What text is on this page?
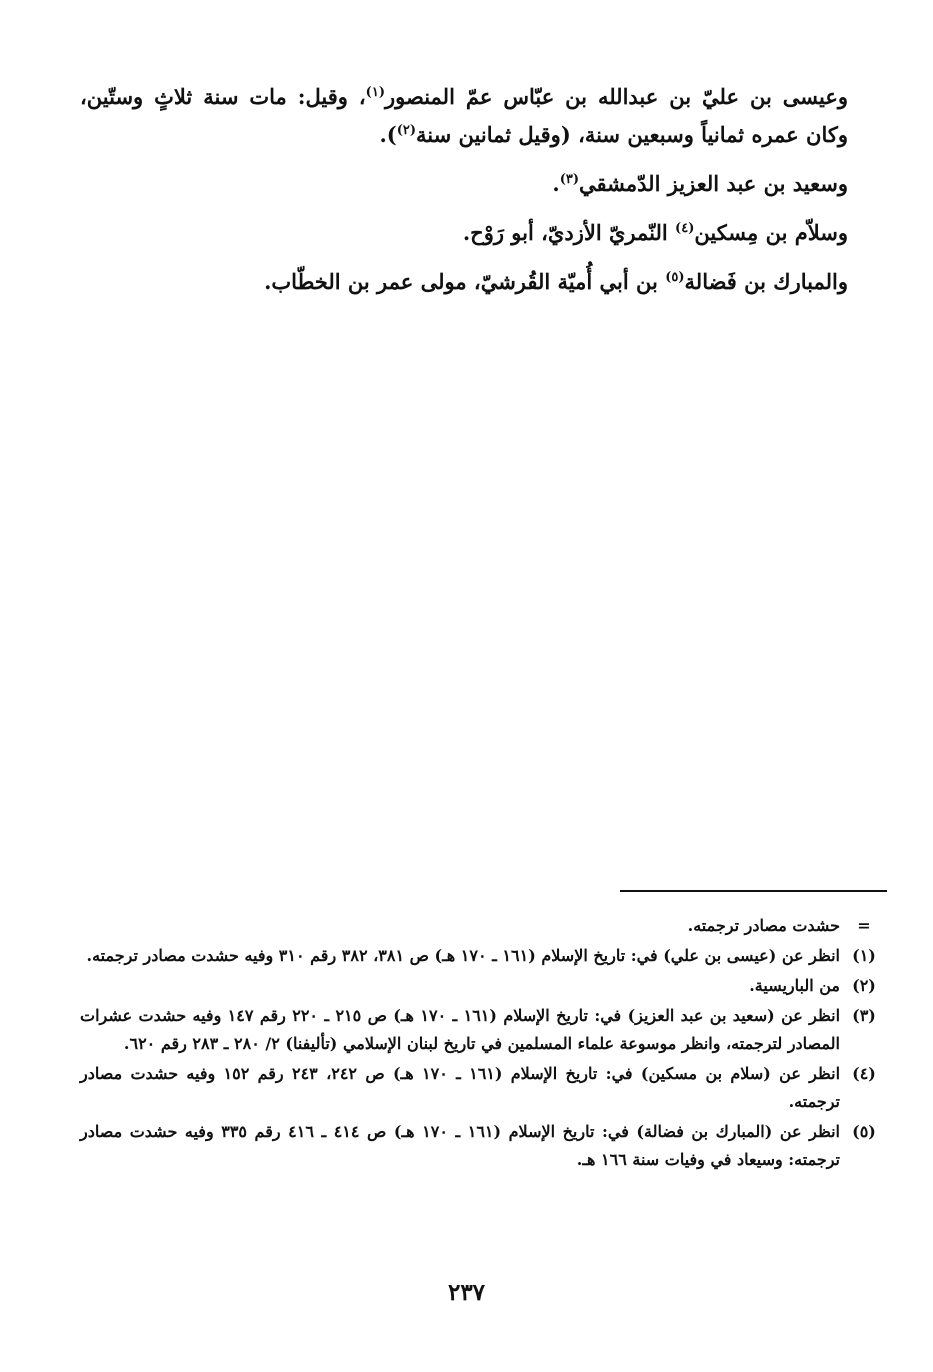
وعيسى بن عليّ بن عبدالله بن عبّاس عمّ المنصور$^{(١)}$، وقيل: مات سنة ثلاثٍ وستّين، وكان عمره ثمانياً وسبعين سنة، (وقيل ثمانين سنة$^{(٢)}$).

وسعيد بن عبد العزيز الدّمشقي$^{(٣)}$.

وسلاّم بن مِسكين$^{(٤)}$ النّمريّ الأزديّ، أبو رَوْح.

والمبارك بن فَضالة$^{(٥)}$ بن أبي أُميّة القُرشيّ، مولى عمر بن الخطّاب.

=
حشدت مصادر ترجمته.
(١)
انظر عن (عيسى بن علي) في: تاريخ الإسلام (١٦١ ـ ١٧٠ هـ) ص ٣٨١، ٣٨٢ رقم ٣١٠ وفيه حشدت مصادر ترجمته.
(٢)
من الباريسية.
(٣)
انظر عن (سعيد بن عبد العزيز) في: تاريخ الإسلام (١٦١ ـ ١٧٠ هـ) ص ٢١٥ ـ ٢٢٠ رقم ١٤٧ وفيه حشدت عشرات المصادر لترجمته، وانظر موسوعة علماء المسلمين في تاريخ لبنان الإسلامي (تأليفنا) ٢/ ٢٨٠ ـ ٢٨٣ رقم ٦٢٠.
(٤)
انظر عن (سلام بن مسكين) في: تاريخ الإسلام (١٦١ ـ ١٧٠ هـ) ص ٢٤٢، ٢٤٣ رقم ١٥٢ وفيه حشدت مصادر ترجمته.
(٥)
انظر عن (المبارك بن فضالة) في: تاريخ الإسلام (١٦١ ـ ١٧٠ هـ) ص ٤١٤ ـ ٤١٦ رقم ٣٣٥ وفيه حشدت مصادر ترجمته: وسيعاد في وفيات سنة ١٦٦ هـ.
٢٣٧
